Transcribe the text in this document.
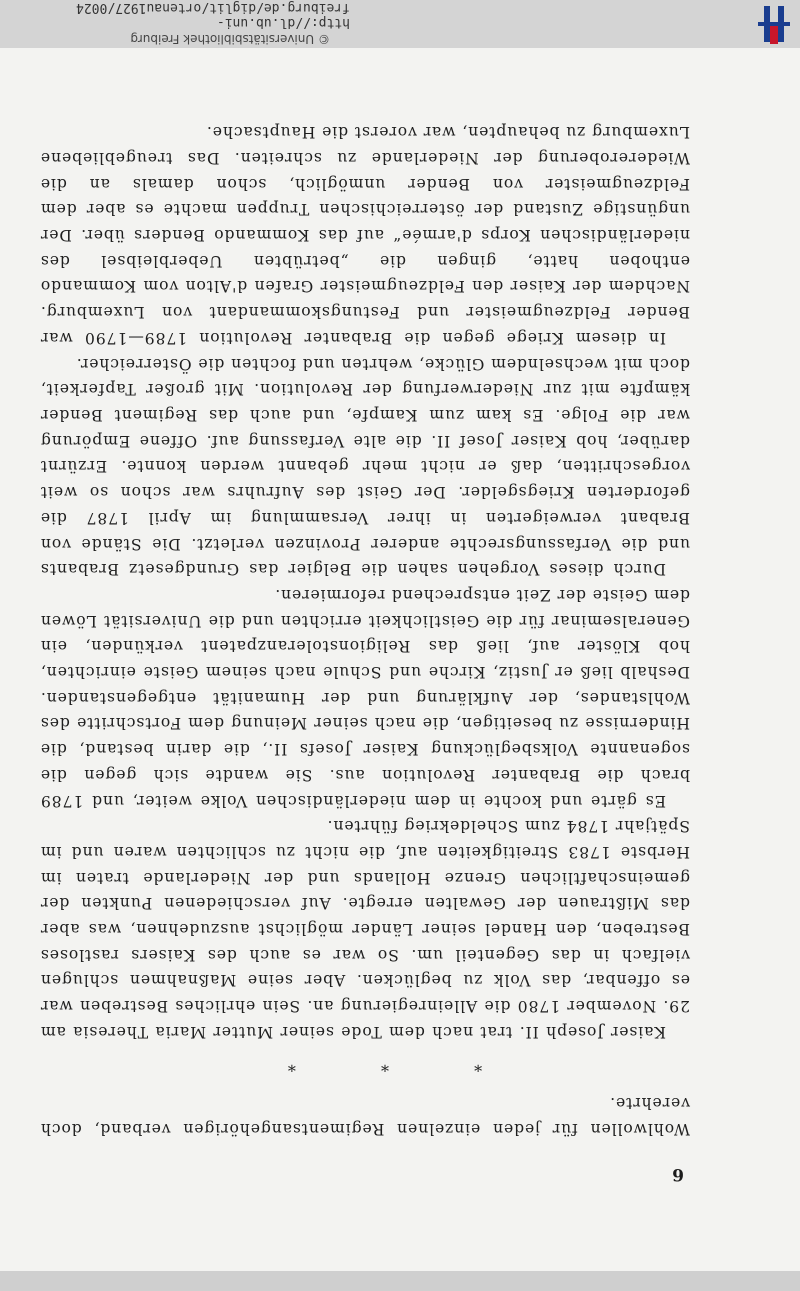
6

Wohlwollen für jeden einzelnen Regimentsangehörigen verband, doch verehrte.

* * *

Kaiser Joseph II. trat nach dem Tode seiner Mutter Maria Theresia am 29. November 1780 die Alleinregierung an. Sein ehrliches Bestreben war es offenbar, das Volk zu beglücken. Aber seine Maßnahmen schlugen vielfach in das Gegenteil um. So war es auch des Kaisers rastloses Bestreben, den Handel seiner Länder möglichst auszudehnen, was aber das Mißtrauen der Gewalten erregte. Auf verschiedenen Punkten der gemeinschaftlichen Grenze Hollands und der Niederlande traten im Herbste 1783 Streitigkeiten auf, die nicht zu schlichten waren und im Spätjahr 1784 zum Scheldekrieg führten.

Es gärte und kochte in dem niederländischen Volke weiter, und 1789 brach die Brabanter Revolution aus. Sie wandte sich gegen die sogenannte Volksbeglückung Kaiser Josefs II., die darin bestand, die Hindernisse zu beseitigen, die nach seiner Meinung dem Fortschritte des Wohlstandes, der Aufklärung und der Humanität entgegenstanden. Deshalb ließ er Justiz, Kirche und Schule nach seinem Geiste einrichten, hob Klöster auf, ließ das Religionstoleranzpatent verkünden, ein Generalseminar für die Geistlichkeit errichten und die Universität Löwen dem Geiste der Zeit entsprechend reformieren.

Durch dieses Vorgehen sahen die Belgier das Grundgesetz Brabants und die Verfassungsrechte anderer Provinzen verletzt. Die Stände von Brabant verweigerten in ihrer Versammlung im April 1787 die geforderten Kriegsgelder. Der Geist des Aufruhrs war schon so weit vorgeschritten, daß er nicht mehr gebannt werden konnte. Erzürnt darüber, hob Kaiser Josef II. die alte Verfassung auf. Offene Empörung war die Folge. Es kam zum Kampfe, und auch das Regiment Bender kämpfte mit zur Niederwerfung der Revolution. Mit großer Tapferkeit, doch mit wechselndem Glücke, wehrten und fochten die Österreicher.

In diesem Kriege gegen die Brabanter Revolution 1789—1790 war Bender Feldzeugmeister und Festungskommandant von Luxemburg. Nachdem der Kaiser den Feldzeugmeister Grafen d'Alton vom Kommando enthoben hatte, gingen die „betrübten Ueberbleibsel des niederländischen Korps d'armée“ auf das Kommando Benders über. Der ungünstige Zustand der österreichischen Truppen machte es aber dem Feldzeugmeister von Bender unmöglich, schon damals an die Wiedereroberung der Niederlande zu schreiten. Das treugebliebene Luxemburg zu behaupten, war vorerst die Hauptsache.

© Universitätsbibliothek Freiburg
http://dl.ub.uni-freiburg.de/diglit/ortenau1927/0024
